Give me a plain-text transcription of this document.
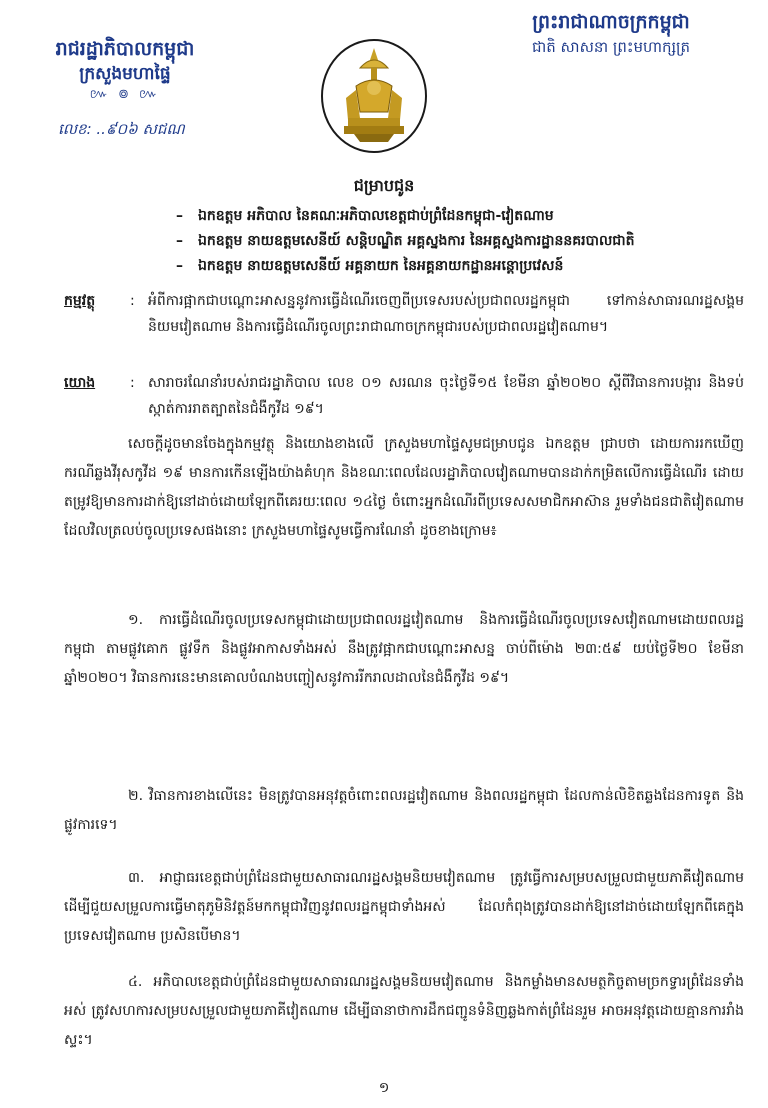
រាជរដ្ឋាភិបាលកម្ពុជា
ក្រសួងមហាផ្ទៃ
៚ ៙ ៚
លេខ: ..៩០៦ សជណ
ព្រះរាជាណាចក្រកម្ពុជា
ជាតិ សាសនា ព្រះមហាក្សត្រ
ជម្រាបជូន
– ឯកឧត្តម អភិបាល នៃគណៈអភិបាលខេត្តជាប់ព្រំដែនកម្ពុជា-វៀតណាម
– ឯកឧត្តម នាយឧត្តមសេនីយ៍ សន្តិបណ្ឌិត អគ្គស្នងការ នៃអគ្គស្នងការដ្ឋាននគរបាលជាតិ
– ឯកឧត្តម នាយឧត្តមសេនីយ៍ អគ្គនាយក នៃអគ្គនាយកដ្ឋានអន្តោប្រវេសន៍
កម្មវត្ថុ : អំពីការផ្អាកជាបណ្ដោះអាសន្ននូវការធ្វើដំណើរចេញពីប្រទេសរបស់ប្រជាពលរដ្ឋកម្ពុជា ទៅកាន់សាធារណរដ្ឋសង្គមនិយមវៀតណាម និងការធ្វើដំណើរចូលព្រះរាជាណាចក្រកម្ពុជារបស់ប្រជាពលរដ្ឋវៀតណាម។
យោង : សារាចរណែនាំរបស់រាជរដ្ឋាភិបាល លេខ ០១ សរណន ចុះថ្ងៃទី១៥ ខែមីនា ឆ្នាំ២០២០ ស្ដីពីវិធានការបង្ការ និងទប់ស្កាត់ការរាតត្បាតនៃជំងឺកូវីដ ១៩។
សេចក្ដីដូចមានចែងក្នុងកម្មវត្ថុ និងយោងខាងលើ ក្រសួងមហាផ្ទៃសូមជម្រាបជូន ឯកឧត្តម ជ្រាបថា ដោយការរកឃើញករណីឆ្លងវីរុសកូវីដ ១៩ មានការកើនឡើងយ៉ាងគំហុក និងខណៈពេលដែលរដ្ឋាភិបាលវៀតណាមបានដាក់កម្រិតលើការធ្វើដំណើរ ដោយតម្រូវឱ្យមានការដាក់ឱ្យនៅដាច់ដោយឡែកពីគេរយៈពេល ១៤ថ្ងៃ ចំពោះអ្នកដំណើរពីប្រទេសសមាជិកអាស៊ាន រួមទាំងជនជាតិវៀតណាមដែលវិលត្រលប់ចូលប្រទេសផងនោះ ក្រសួងមហាផ្ទៃសូមធ្វើការណែនាំ ដូចខាងក្រោម៖
១. ការធ្វើដំណើរចូលប្រទេសកម្ពុជាដោយប្រជាពលរដ្ឋវៀតណាម និងការធ្វើដំណើរចូលប្រទេសវៀតណាមដោយពលរដ្ឋកម្ពុជា តាមផ្លូវគោក ផ្លូវទឹក និងផ្លូវអាកាសទាំងអស់ នឹងត្រូវផ្អាកជាបណ្ដោះអាសន្ន ចាប់ពីម៉ោង ២៣:៥៩ យប់ថ្ងៃទី២០ ខែមីនា ឆ្នាំ២០២០។ វិធានការនេះមានគោលបំណងបញ្ចៀសនូវការរីករាលដាលនៃជំងឺកូវីដ ១៩។
២. វិធានការខាងលើនេះ មិនត្រូវបានអនុវត្តចំពោះពលរដ្ឋវៀតណាម និងពលរដ្ឋកម្ពុជា ដែលកាន់លិខិតឆ្លងដែនការទូត និងផ្លូវការទេ។
៣. អាជ្ញាធរខេត្តជាប់ព្រំដែនជាមួយសាធារណរដ្ឋសង្គមនិយមវៀតណាម ត្រូវធ្វើការសម្របសម្រួលជាមួយភាគីវៀតណាម ដើម្បីជួយសម្រួលការធ្វើមាតុភូមិនិវត្តន៍មកកម្ពុជាវិញនូវពលរដ្ឋកម្ពុជាទាំងអស់ ដែលកំពុងត្រូវបានដាក់ឱ្យនៅដាច់ដោយឡែកពីគេក្នុងប្រទេសវៀតណាម ប្រសិនបើមាន។
៤. អភិបាលខេត្តជាប់ព្រំដែនជាមួយសាធារណរដ្ឋសង្គមនិយមវៀតណាម និងកម្លាំងមានសមត្ថកិច្ចតាមច្រកទ្វារព្រំដែនទាំងអស់ ត្រូវសហការសម្របសម្រួលជាមួយភាគីវៀតណាម ដើម្បីធានាថាការដឹកជញ្ជូនទំនិញឆ្លងកាត់ព្រំដែនរួម អាចអនុវត្តដោយគ្មានការរាំងស្ទះ។
១
